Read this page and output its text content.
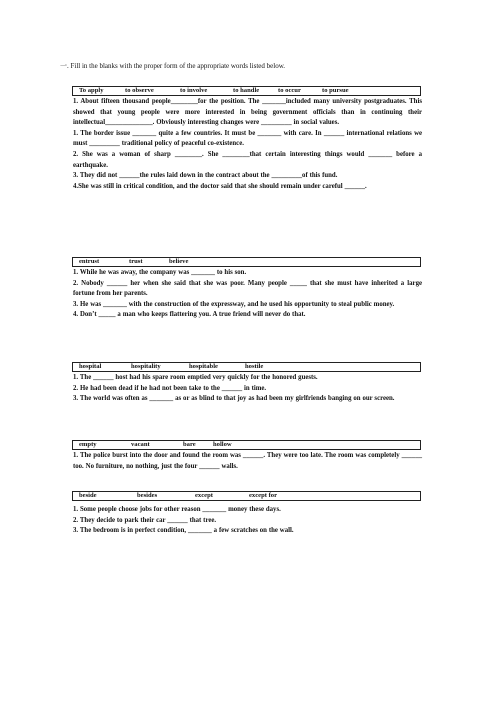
一. Fill in the blanks with the proper form of the appropriate words listed below.
To apply	to observe	to involve	to handle	to occur	to pursue

1. About fifteen thousand people________for the position. The _______included many university postgraduates. This showed that young people were more interested in being government officials than in continuing their intellectual______________. Obviously interesting changes were _________ in social values.

1. The border issue _______ quite a few countries. It must be _______ with care. In ______ international relations we must _________ traditional policy of peaceful co-existence.

2. She was a woman of sharp ________. She ________that certain interesting things would _______ before a earthquake.

3. They did not ______the rules laid down in the contract about the _________of this fund.

4.She was still in critical condition, and the doctor said that she should remain under careful ______.

entrust	trust	believe

1. While he was away, the company was _______ to his son.

2. Nobody ______ her when she said that she was poor. Many people _____ that she must have inherited a large fortune from her parents.

3. He was _______ with the construction of the expressway, and he used his opportunity to steal public money.

4. Don’t _____ a man who keeps flattering you. A true friend will never do that.

hospital	hospitality	hospitable	hostile

1. The ______ host had his spare room emptied very quickly for the honored guests.

2. He had been dead if he had not been take to the ______ in time.

3. The world was often as _______ as or as blind to that joy as had been my girlfriends banging on our screen.

empty	vacant	bare	hollow

1. The police burst into the door and found the room was ______. They were too late. The room was completely ______ too. No furniture, no nothing, just the four ______ walls.

beside	besides	except	except for

1. Some people choose jobs for other reason _______ money these days.

2. They decide to park their car ______ that tree.

3. The bedroom is in perfect condition, _______ a few scratches on the wall.
